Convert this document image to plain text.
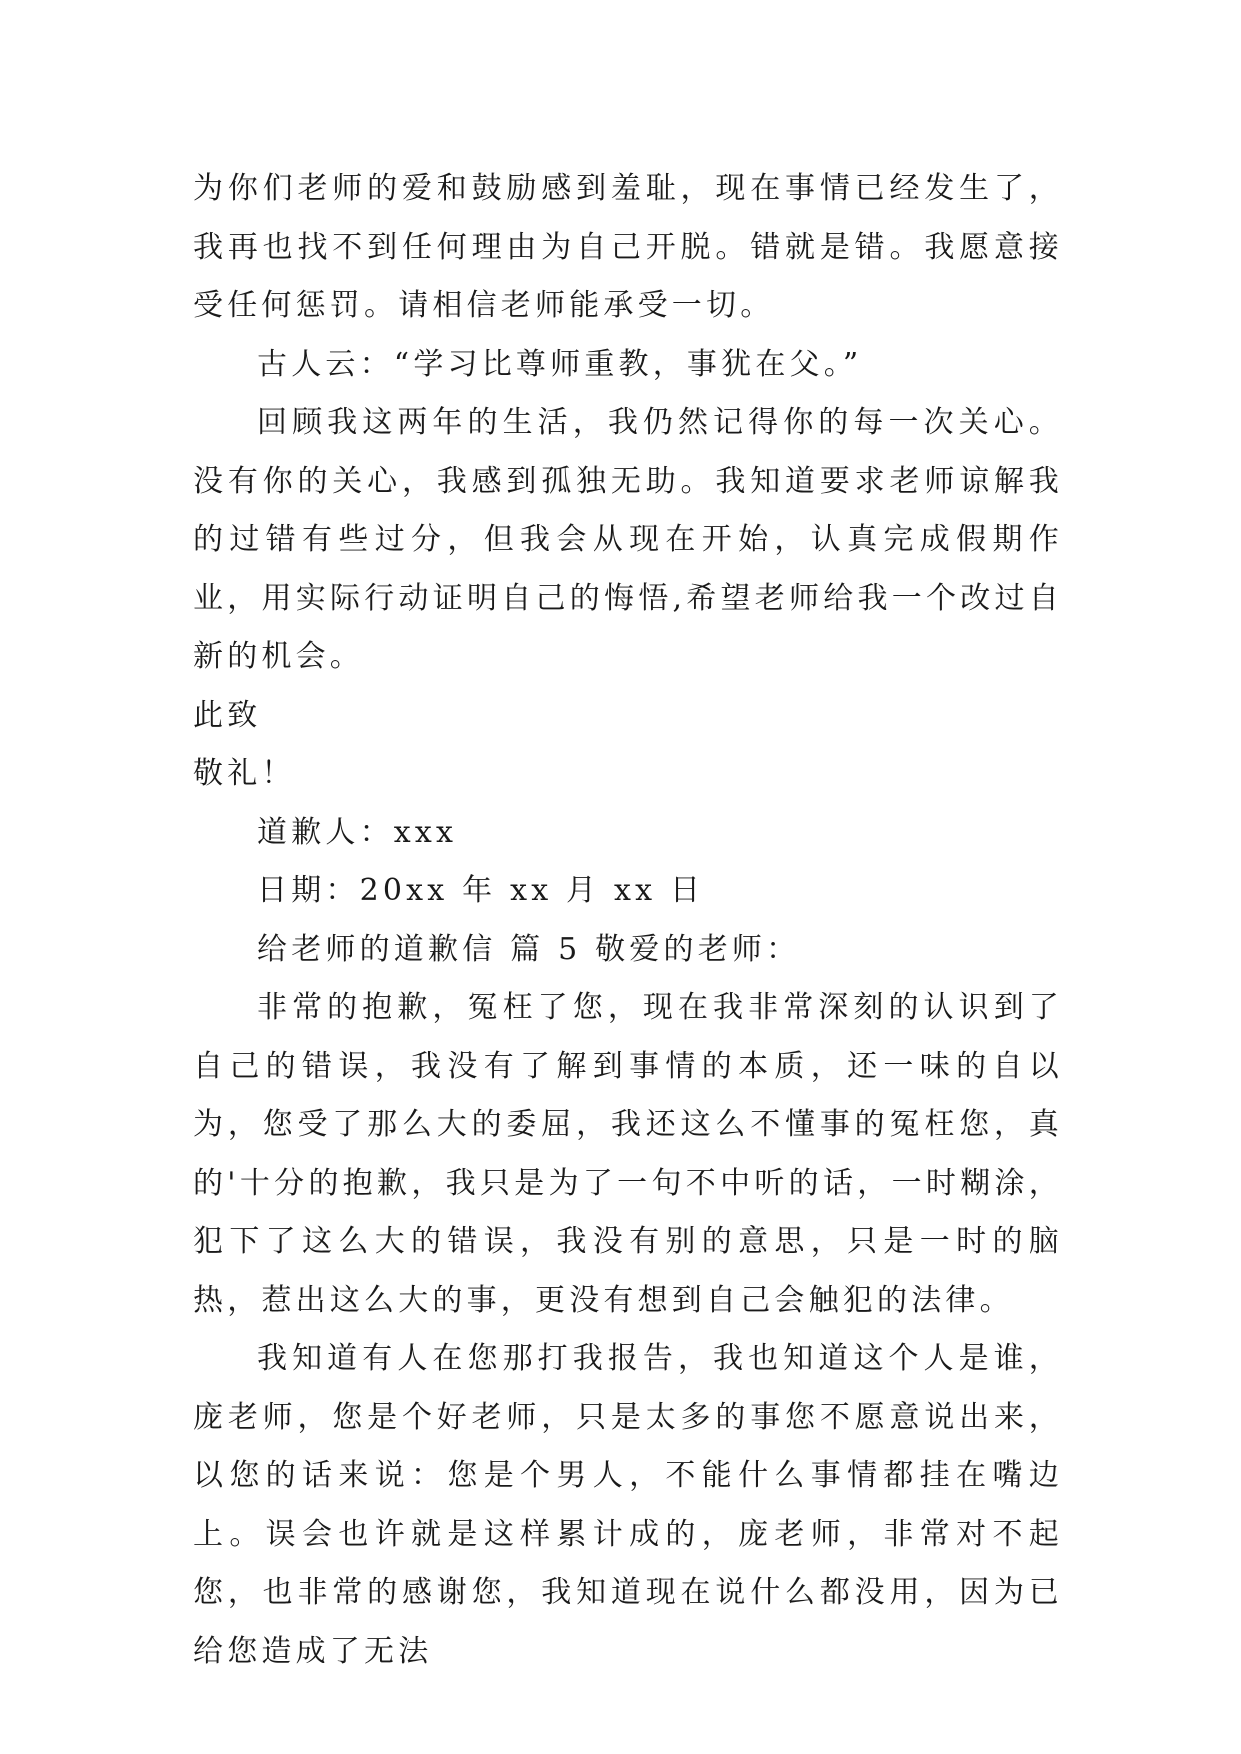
为你们老师的爱和鼓励感到羞耻，现在事情已经发生了，我再也找不到任何理由为自己开脱。错就是错。我愿意接受任何惩罚。请相信老师能承受一切。

古人云：“学习比尊师重教，事犹在父。”

回顾我这两年的生活，我仍然记得你的每一次关心。没有你的关心，我感到孤独无助。我知道要求老师谅解我的过错有些过分，但我会从现在开始，认真完成假期作业，用实际行动证明自己的悔悟,希望老师给我一个改过自新的机会。

此致

敬礼！

道歉人：xxx

日期：20xx 年 xx 月 xx 日

给老师的道歉信 篇 5 敬爱的老师：

非常的抱歉，冤枉了您，现在我非常深刻的认识到了自己的错误，我没有了解到事情的本质，还一味的自以为，您受了那么大的委屈，我还这么不懂事的冤枉您，真的'十分的抱歉，我只是为了一句不中听的话，一时糊涂，犯下了这么大的错误，我没有别的意思，只是一时的脑热，惹出这么大的事，更没有想到自己会触犯的法律。

我知道有人在您那打我报告，我也知道这个人是谁，庞老师，您是个好老师，只是太多的事您不愿意说出来，以您的话来说：您是个男人，不能什么事情都挂在嘴边上。误会也许就是这样累计成的，庞老师，非常对不起您，也非常的感谢您，我知道现在说什么都没用，因为已给您造成了无法
